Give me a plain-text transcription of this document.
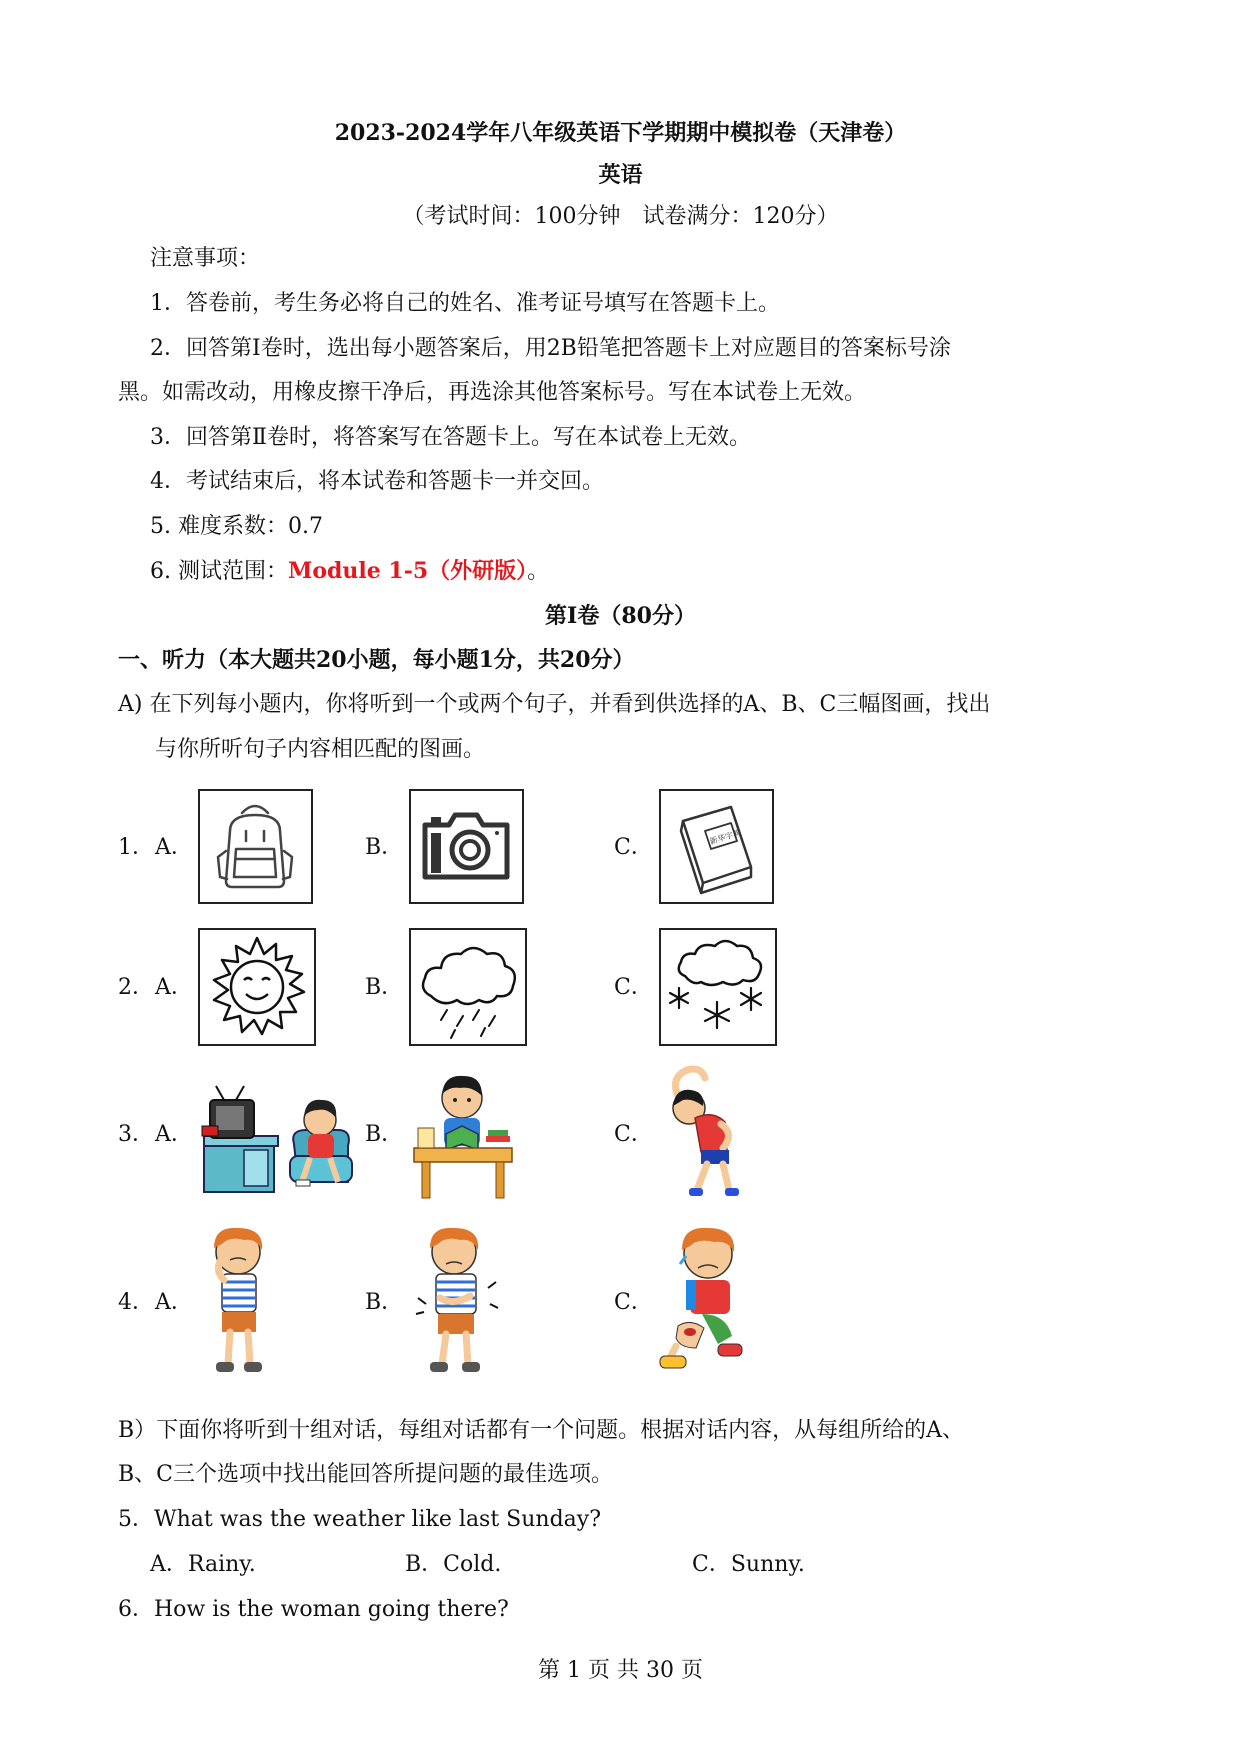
2023-2024学年八年级英语下学期期中模拟卷（天津卷）
英语
（考试时间：100分钟　试卷满分：120分）
注意事项：
1．答卷前，考生务必将自己的姓名、准考证号填写在答题卡上。
2．回答第Ⅰ卷时，选出每小题答案后，用2B铅笔把答题卡上对应题目的答案标号涂
黑。如需改动，用橡皮擦干净后，再选涂其他答案标号。写在本试卷上无效。
3．回答第Ⅱ卷时，将答案写在答题卡上。写在本试卷上无效。
4．考试结束后，将本试卷和答题卡一并交回。
5. 难度系数：0.7
6. 测试范围：Module 1-5（外研版）。
第Ⅰ卷（80分）
一、听力（本大题共20小题，每小题1分，共20分）
A) 在下列每小题内，你将听到一个或两个句子，并看到供选择的A、B、C三幅图画，找出
与你所听句子内容相匹配的图画。
1． A．	B．	C．	新华字典
2． A．	B．	C．
3． A．	B．	C．
4． A．	B．	C．
B）下面你将听到十组对话，每组对话都有一个问题。根据对话内容，从每组所给的A、
B、C三个选项中找出能回答所提问题的最佳选项。
5．What was the weather like last Sunday?
A．Rainy.	B．Cold.	C．Sunny.
6．How is the woman going there?
第 1 页 共 30 页
